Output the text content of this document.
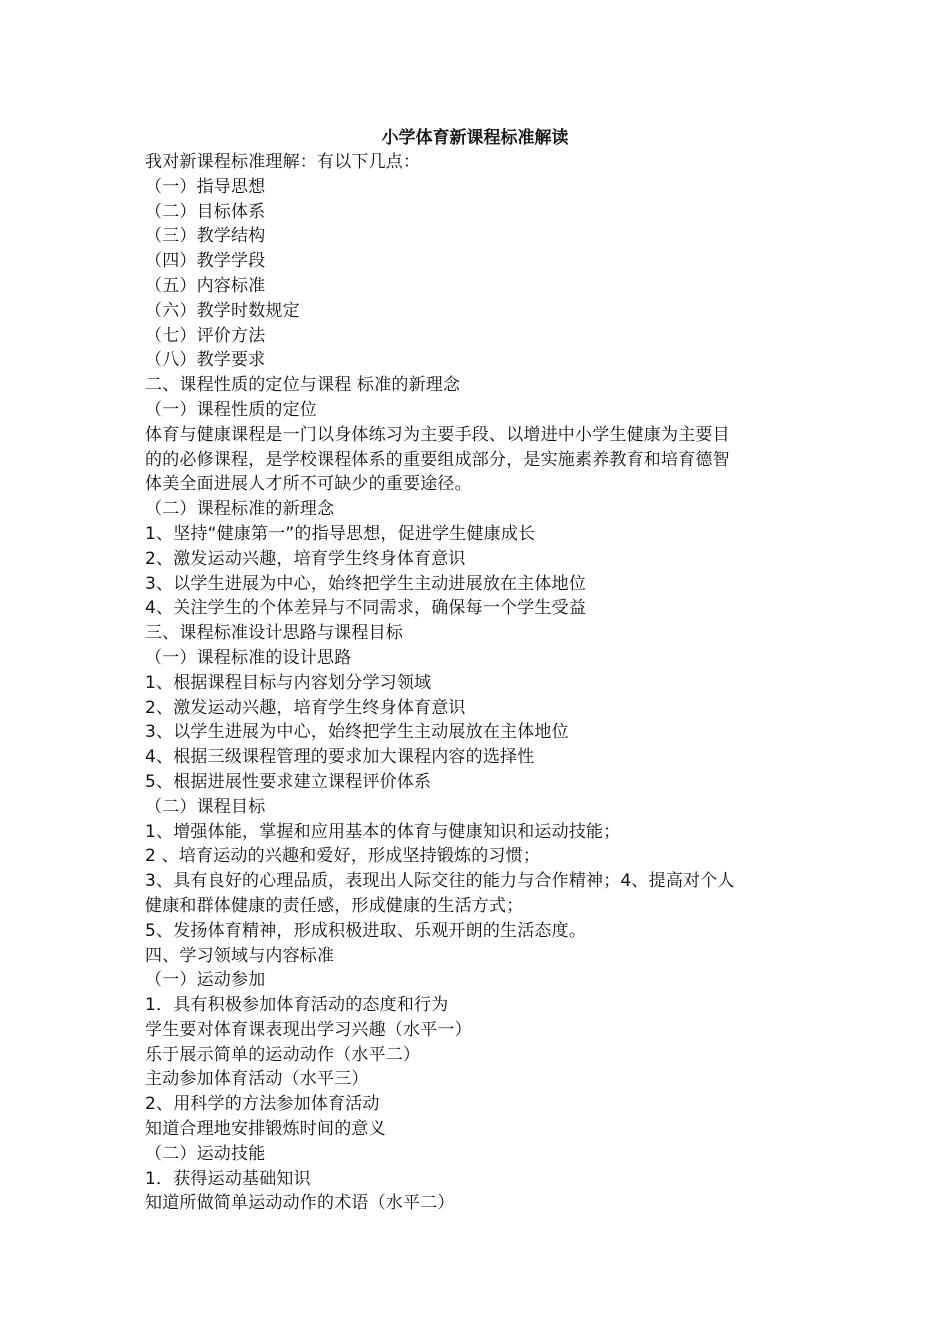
小学体育新课程标准解读
我对新课程标准理解：有以下几点：
（一）指导思想
（二）目标体系
（三）教学结构
（四）教学学段
（五）内容标准
（六）教学时数规定
（七）评价方法
（八）教学要求
二、课程性质的定位与课程 标准的新理念
（一）课程性质的定位
体育与健康课程是一门以身体练习为主要手段、以增进中小学生健康为主要目
的的必修课程，是学校课程体系的重要组成部分，是实施素养教育和培育德智
体美全面进展人才所不可缺少的重要途径。
（二）课程标准的新理念
1、坚持“健康第一”的指导思想，促进学生健康成长
2、激发运动兴趣，培育学生终身体育意识
3、以学生进展为中心，始终把学生主动进展放在主体地位
4、关注学生的个体差异与不同需求，确保每一个学生受益
三、课程标准设计思路与课程目标
（一）课程标准的设计思路
1、根据课程目标与内容划分学习领域
2、激发运动兴趣，培育学生终身体育意识
3、以学生进展为中心，始终把学生主动展放在主体地位
4、根据三级课程管理的要求加大课程内容的选择性
5、根据进展性要求建立课程评价体系
（二）课程目标
1、增强体能，掌握和应用基本的体育与健康知识和运动技能；
2 、培育运动的兴趣和爱好，形成坚持锻炼的习惯；
3、具有良好的心理品质，表现出人际交往的能力与合作精神；4、提高对个人
健康和群体健康的责任感，形成健康的生活方式；
5、发扬体育精神，形成积极进取、乐观开朗的生活态度。
四、学习领域与内容标准
（一）运动参加
1．具有积极参加体育活动的态度和行为
学生要对体育课表现出学习兴趣（水平一）
乐于展示简单的运动动作（水平二）
主动参加体育活动（水平三）
2、用科学的方法参加体育活动
知道合理地安排锻炼时间的意义
（二）运动技能
1．获得运动基础知识
知道所做简单运动动作的术语（水平二）
